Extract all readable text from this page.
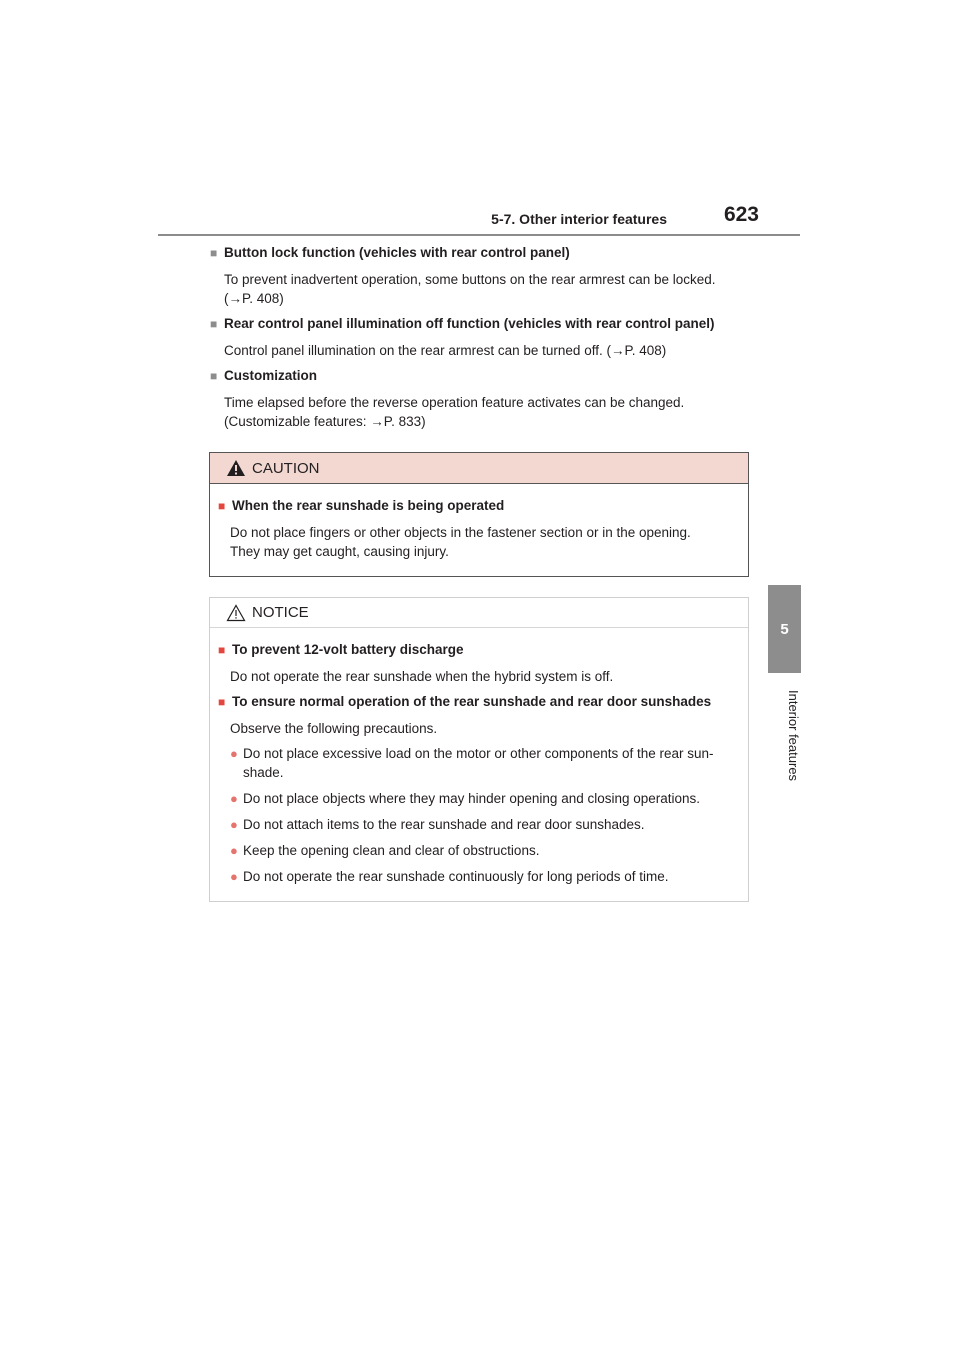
5-7. Other interior features	623
5
Interior features
■ Button lock function (vehicles with rear control panel)
To prevent inadvertent operation, some buttons on the rear armrest can be locked.
(→P. 408)
■ Rear control panel illumination off function (vehicles with rear control panel)
Control panel illumination on the rear armrest can be turned off. (→P. 408)
■ Customization
Time elapsed before the reverse operation feature activates can be changed.
(Customizable features: →P. 833)
CAUTION
■ When the rear sunshade is being operated
Do not place fingers or other objects in the fastener section or in the opening.
They may get caught, causing injury.
NOTICE
■ To prevent 12-volt battery discharge
Do not operate the rear sunshade when the hybrid system is off.
■ To ensure normal operation of the rear sunshade and rear door sunshades
Observe the following precautions.
● Do not place excessive load on the motor or other components of the rear sun-shade.
● Do not place objects where they may hinder opening and closing operations.
● Do not attach items to the rear sunshade and rear door sunshades.
● Keep the opening clean and clear of obstructions.
● Do not operate the rear sunshade continuously for long periods of time.
